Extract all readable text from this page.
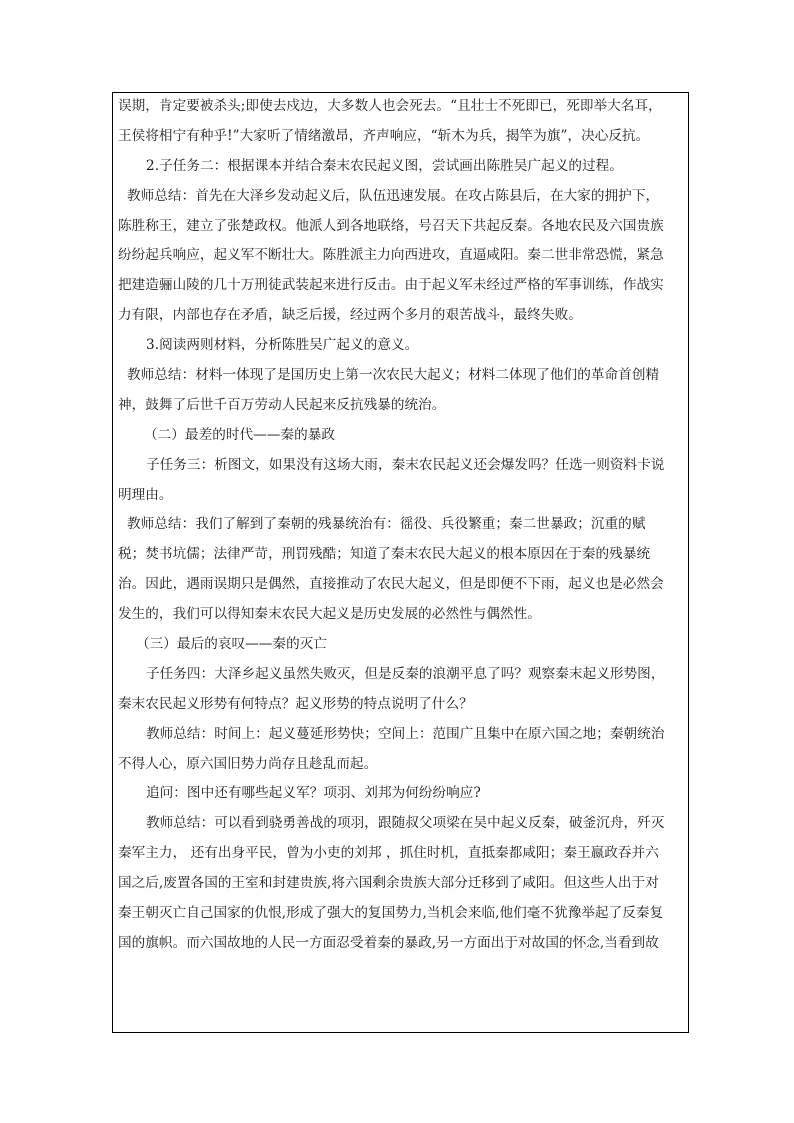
误期，肯定要被杀头;即使去戍边，大多数人也会死去。“且壮士不死即已，死即举大名耳，
王侯将相宁有种乎!”大家听了情绪激昂，齐声响应，“斩木为兵，揭竿为旗”，决心反抗。
2.子任务二：根据课本并结合秦末农民起义图，尝试画出陈胜吴广起义的过程。
教师总结：首先在大泽乡发动起义后，队伍迅速发展。在攻占陈县后，在大家的拥护下，
陈胜称王，建立了张楚政权。他派人到各地联络，号召天下共起反秦。各地农民及六国贵族
纷纷起兵响应，起义军不断壮大。陈胜派主力向西进攻，直逼咸阳。秦二世非常恐慌，紧急
把建造骊山陵的几十万刑徒武装起来进行反击。由于起义军未经过严格的军事训练，作战实
力有限，内部也存在矛盾，缺乏后援，经过两个多月的艰苦战斗，最终失败。
3.阅读两则材料，分析陈胜吴广起义的意义。
教师总结：材料一体现了是国历史上第一次农民大起义；材料二体现了他们的革命首创精
神，鼓舞了后世千百万劳动人民起来反抗残暴的统治。
（二）最差的时代——秦的暴政
子任务三：析图文，如果没有这场大雨，秦末农民起义还会爆发吗？任选一则资料卡说
明理由。
教师总结：我们了解到了秦朝的残暴统治有：徭役、兵役繁重；秦二世暴政；沉重的赋
税；焚书坑儒；法律严苛，刑罚残酷；知道了秦末农民大起义的根本原因在于秦的残暴统
治。因此，遇雨误期只是偶然，直接推动了农民大起义，但是即便不下雨，起义也是必然会
发生的，我们可以得知秦末农民大起义是历史发展的必然性与偶然性。
（三）最后的哀叹——秦的灭亡
子任务四：大泽乡起义虽然失败灭，但是反秦的浪潮平息了吗？观察秦末起义形势图，
秦末农民起义形势有何特点？起义形势的特点说明了什么？
教师总结：时间上：起义蔓延形势快；空间上：范围广且集中在原六国之地；秦朝统治
不得人心，原六国旧势力尚存且趁乱而起。
追问：图中还有哪些起义军？项羽、刘邦为何纷纷响应?
教师总结：可以看到骁勇善战的项羽，跟随叔父项梁在吴中起义反秦，破釜沉舟，歼灭
秦军主力， 还有出身平民，曾为小吏的刘邦 ，抓住时机，直抵秦都咸阳；秦王嬴政吞并六
国之后,废置各国的王室和封建贵族,将六国剩余贵族大部分迁移到了咸阳。但这些人出于对
秦王朝灭亡自己国家的仇恨,形成了强大的复国势力,当机会来临,他们毫不犹豫举起了反秦复
国的旗帜。而六国故地的人民一方面忍受着秦的暴政,另一方面出于对故国的怀念,当看到故
